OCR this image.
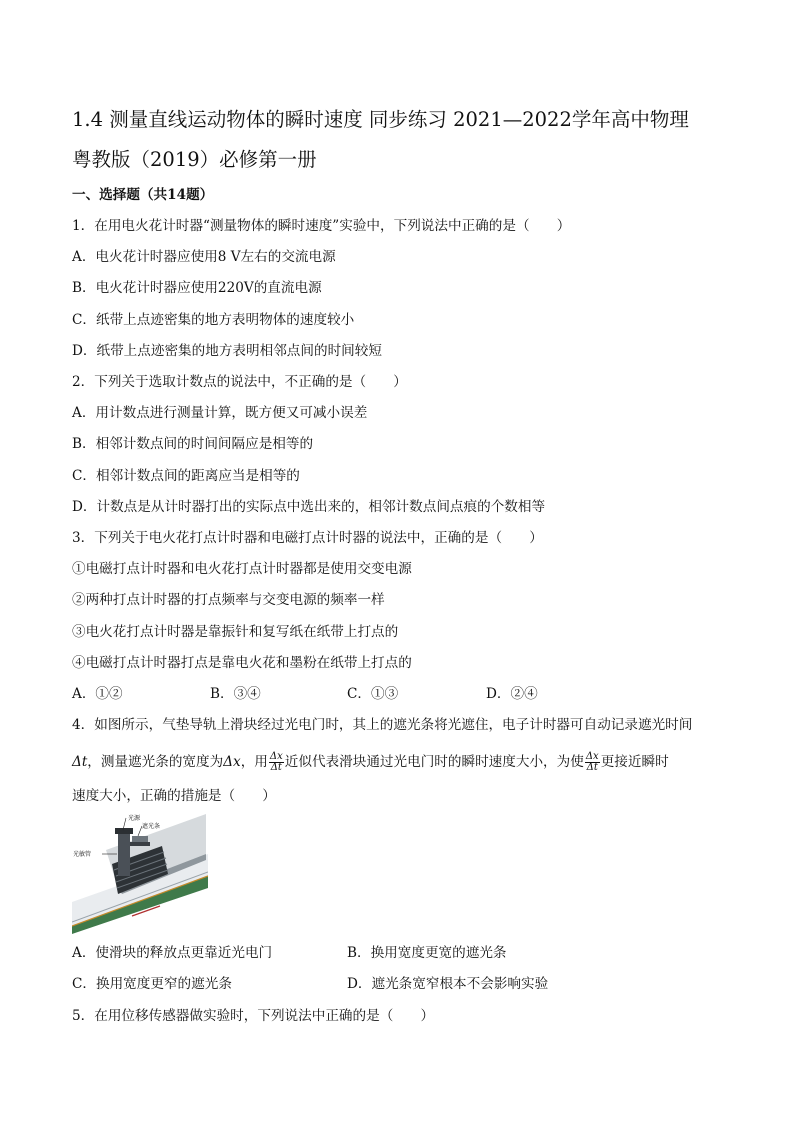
1.4 测量直线运动物体的瞬时速度 同步练习 2021—2022学年高中物理
粤教版（2019）必修第一册
一、选择题（共14题）
1．在用电火花计时器“测量物体的瞬时速度”实验中，下列说法中正确的是（　　）
A．电火花计时器应使用8 V左右的交流电源
B．电火花计时器应使用220V的直流电源
C．纸带上点迹密集的地方表明物体的速度较小
D．纸带上点迹密集的地方表明相邻点间的时间较短
2．下列关于选取计数点的说法中，不正确的是（　　）
A．用计数点进行测量计算，既方便又可减小误差
B．相邻计数点间的时间间隔应是相等的
C．相邻计数点间的距离应当是相等的
D．计数点是从计时器打出的实际点中选出来的，相邻计数点间点痕的个数相等
3．下列关于电火花打点计时器和电磁打点计时器的说法中，正确的是（　　）
①电磁打点计时器和电火花打点计时器都是使用交变电源
②两种打点计时器的打点频率与交变电源的频率一样
③电火花打点计时器是靠振针和复写纸在纸带上打点的
④电磁打点计时器打点是靠电火花和墨粉在纸带上打点的
A．①②	B．③④	C．①③	D．②④
4．如图所示，气垫导轨上滑块经过光电门时，其上的遮光条将光遮住，电子计时器可自动记录遮光时间
Δt，测量遮光条的宽度为Δx，用 $\frac{\Delta x}{\Delta t}$ 近似代表滑块通过光电门时的瞬时速度大小，为使 $\frac{\Delta x}{\Delta t}$ 更接近瞬时
速度大小，正确的措施是（　　）
光源
遮光条
光敏管
A．使滑块的释放点更靠近光电门	B．换用宽度更宽的遮光条
C．换用宽度更窄的遮光条	D．遮光条宽窄根本不会影响实验
5．在用位移传感器做实验时，下列说法中正确的是（　　）
